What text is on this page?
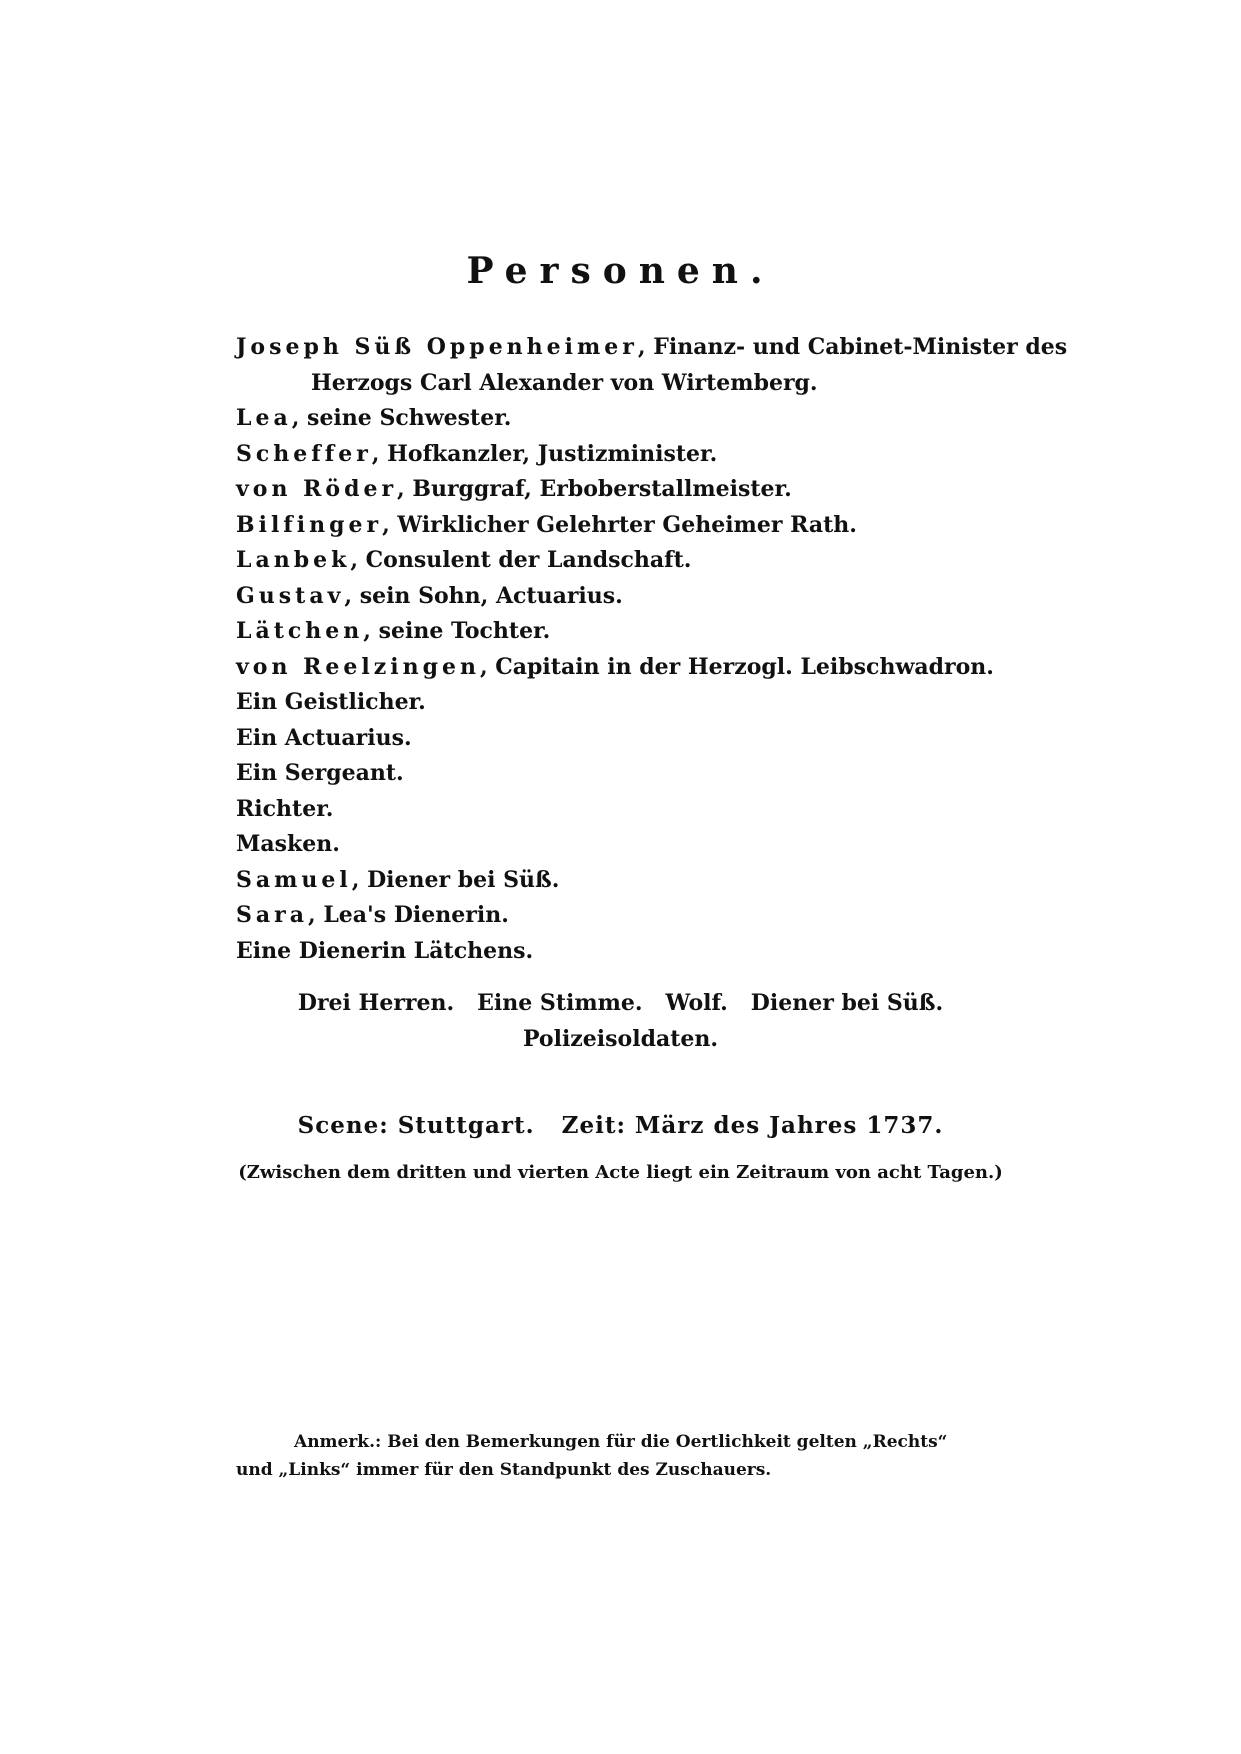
Personen.
Joseph Süß Oppenheimer, Finanz- und Cabinet-Minister des
Herzogs Carl Alexander von Wirtemberg.
Lea, seine Schwester.
Scheffer, Hofkanzler, Justizminister.
von Röder, Burggraf, Erboberstallmeister.
Bilfinger, Wirklicher Gelehrter Geheimer Rath.
Lanbek, Consulent der Landschaft.
Gustav, sein Sohn, Actuarius.
Lätchen, seine Tochter.
von Reelzingen, Capitain in der Herzogl. Leibschwadron.
Ein Geistlicher.
Ein Actuarius.
Ein Sergeant.
Richter.
Masken.
Samuel, Diener bei Süß.
Sara, Lea's Dienerin.
Eine Dienerin Lätchens.
Drei Herren.   Eine Stimme.   Wolf.   Diener bei Süß.
Polizeisoldaten.
Scene: Stuttgart.   Zeit: März des Jahres 1737.
(Zwischen dem dritten und vierten Acte liegt ein Zeitraum von acht Tagen.)
Anmerk.: Bei den Bemerkungen für die Oertlichkeit gelten „Rechts“
und „Links“ immer für den Standpunkt des Zuschauers.
